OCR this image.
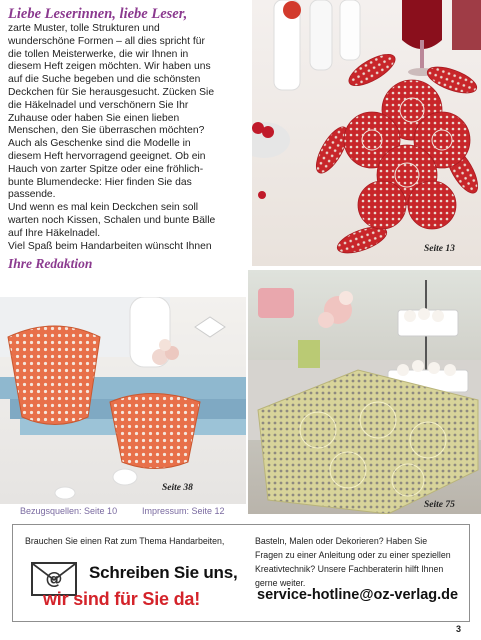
Liebe Leserinnen, liebe Leser,

zarte Muster, tolle Strukturen und

wunderschöne Formen – all dies spricht für

die tollen Meisterwerke, die wir Ihnen in

diesem Heft zeigen möchten. Wir haben uns

auf die Suche begeben und die schönsten

Deckchen für Sie herausgesucht. Zücken Sie

die Häkelnadel und verschönern Sie Ihr

Zuhause oder haben Sie einen lieben

Menschen, den Sie überraschen möchten?

Auch als Geschenke sind die Modelle in

diesem Heft hervorragend geeignet. Ob ein

Hauch von zarter Spitze oder eine fröhlich-

bunte Blumendecke: Hier finden Sie das

passende.

Und wenn es mal kein Deckchen sein soll

warten noch Kissen, Schalen und bunte Bälle

auf Ihre Häkelnadel.

Viel Spaß beim Handarbeiten wünscht Ihnen

Ihre Redaktion
Seite 13
Seite 38
Seite 75
Bezugsquellen: Seite 10	Impressum: Seite 12
Brauchen Sie einen Rat zum Thema Handarbeiten,	Basteln, Malen oder Dekorieren? Haben Sie
Fragen zu einer Anleitung oder zu einer speziellen
Kreativtechnik? Unsere Fachberaterin hilft Ihnen
gerne weiter.
@	Schreiben Sie uns,
wir sind für Sie da!	service-hotline@oz-verlag.de
3
